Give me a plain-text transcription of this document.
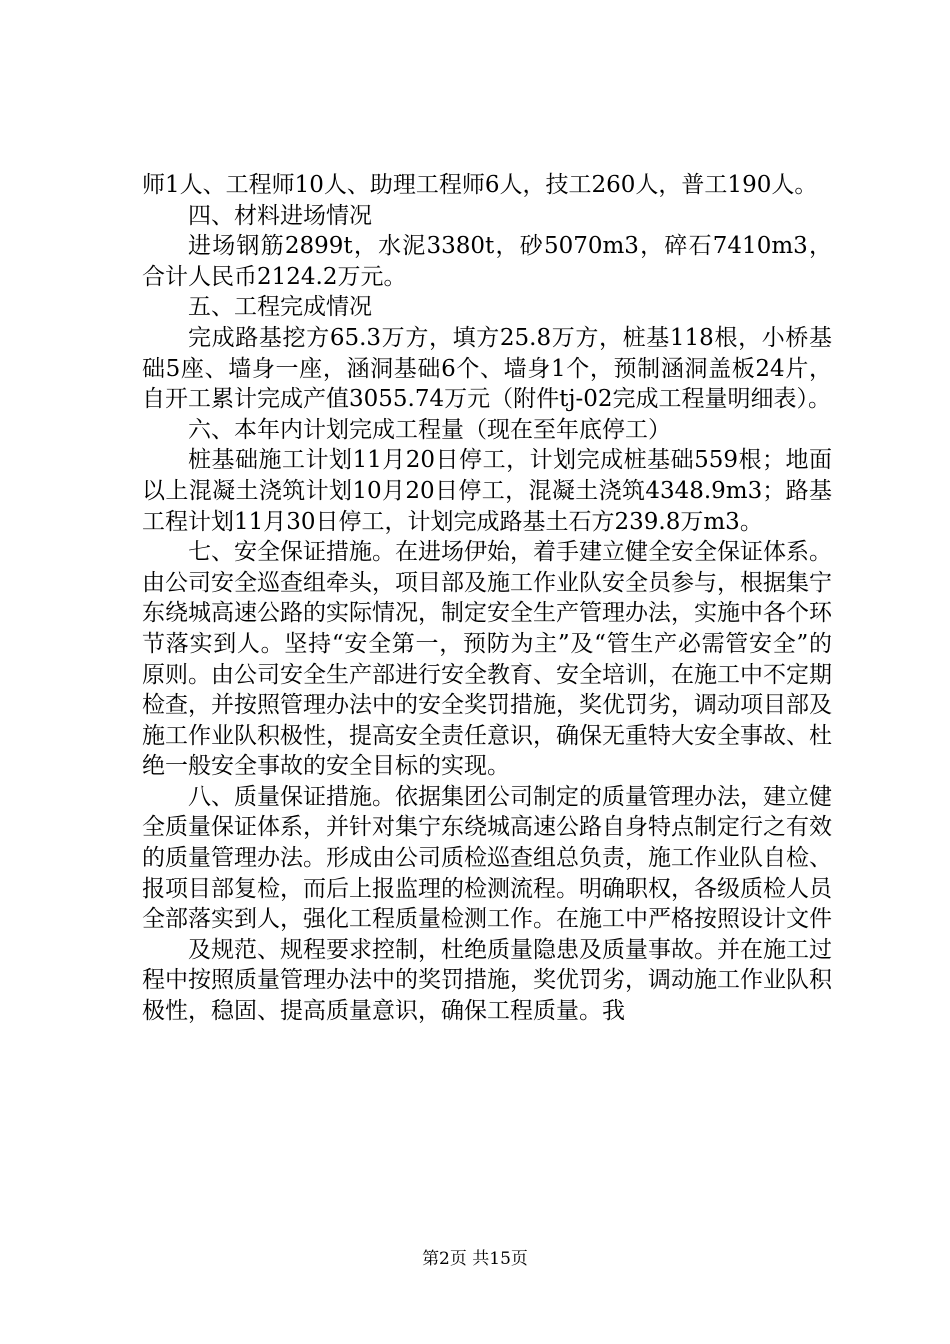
师1人、工程师10人、助理工程师6人，技工260人，普工190人。

四、材料进场情况

进场钢筋2899t，水泥3380t，砂5070m3，碎石7410m3，合计人民币2124.2万元。

五、工程完成情况

完成路基挖方65.3万方，填方25.8万方，桩基118根，小桥基础5座、墙身一座，涵洞基础6个、墙身1个，预制涵洞盖板24片，自开工累计完成产值3055.74万元（附件tj-02完成工程量明细表）。

六、本年内计划完成工程量（现在至年底停工）

桩基础施工计划11月20日停工，计划完成桩基础559根；地面以上混凝土浇筑计划10月20日停工，混凝土浇筑4348.9m3；路基工程计划11月30日停工，计划完成路基土石方239.8万m3。

七、安全保证措施。在进场伊始，着手建立健全安全保证体系。由公司安全巡查组牵头，项目部及施工作业队安全员参与，根据集宁东绕城高速公路的实际情况，制定安全生产管理办法，实施中各个环节落实到人。坚持“安全第一，预防为主”及“管生产必需管安全”的原则。由公司安全生产部进行安全教育、安全培训，在施工中不定期检查，并按照管理办法中的安全奖罚措施，奖优罚劣，调动项目部及施工作业队积极性，提高安全责任意识，确保无重特大安全事故、杜绝一般安全事故的安全目标的实现。

八、质量保证措施。依据集团公司制定的质量管理办法，建立健全质量保证体系，并针对集宁东绕城高速公路自身特点制定行之有效的质量管理办法。形成由公司质检巡查组总负责，施工作业队自检、报项目部复检，而后上报监理的检测流程。明确职权，各级质检人员全部落实到人，强化工程质量检测工作。在施工中严格按照设计文件

及规范、规程要求控制，杜绝质量隐患及质量事故。并在施工过程中按照质量管理办法中的奖罚措施，奖优罚劣，调动施工作业队积极性，稳固、提高质量意识，确保工程质量。我

第2页 共15页
